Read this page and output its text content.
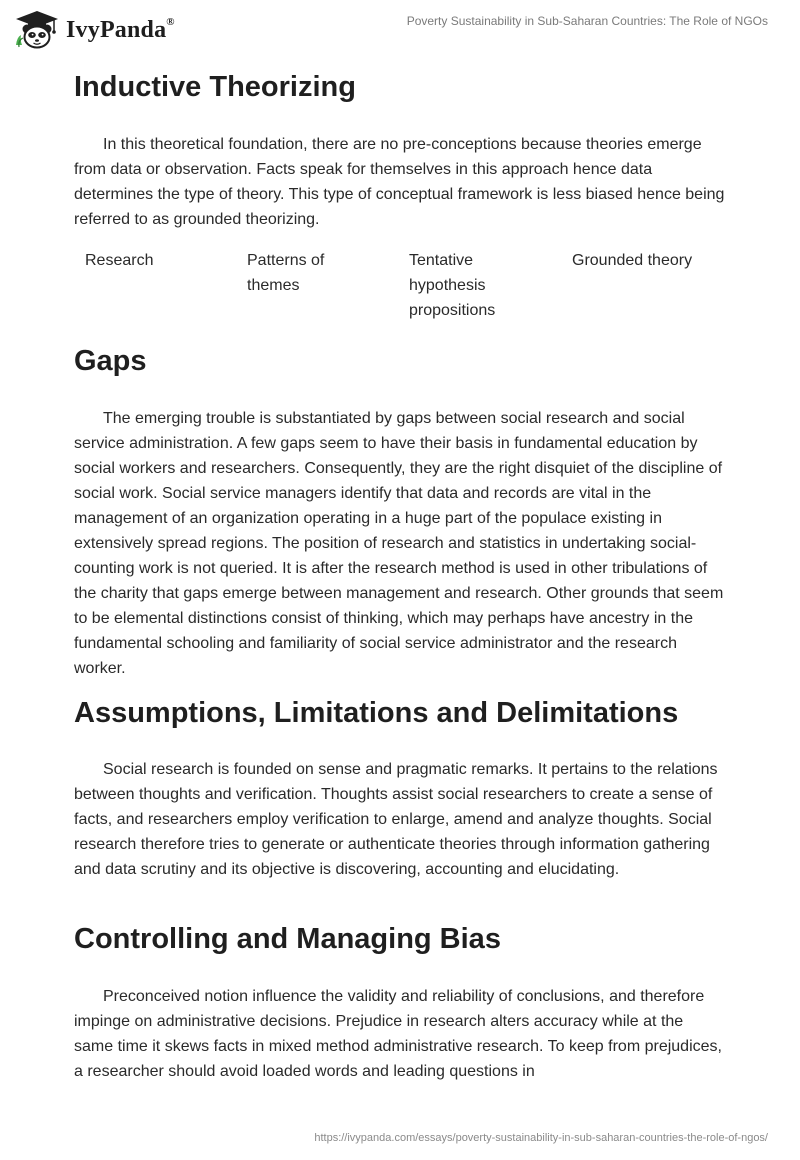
IvyPanda®	Poverty Sustainability in Sub-Saharan Countries: The Role of NGOs
Inductive Theorizing

In this theoretical foundation, there are no pre-conceptions because theories emerge from data or observation. Facts speak for themselves in this approach hence data determines the type of theory. This type of conceptual framework is less biased hence being referred to as grounded theorizing.

Research	Patterns of themes
Tentative hypothesis propositions
Grounded theory
Gaps

The emerging trouble is substantiated by gaps between social research and social service administration. A few gaps seem to have their basis in fundamental education by social workers and researchers. Consequently, they are the right disquiet of the discipline of social work. Social service managers identify that data and records are vital in the management of an organization operating in a huge part of the populace existing in extensively spread regions. The position of research and statistics in undertaking social-counting work is not queried. It is after the research method is used in other tribulations of the charity that gaps emerge between management and research. Other grounds that seem to be elemental distinctions consist of thinking, which may perhaps have ancestry in the fundamental schooling and familiarity of social service administrator and the research worker.

Assumptions, Limitations and Delimitations

Social research is founded on sense and pragmatic remarks. It pertains to the relations between thoughts and verification. Thoughts assist social researchers to create a sense of facts, and researchers employ verification to enlarge, amend and analyze thoughts. Social research therefore tries to generate or authenticate theories through information gathering and data scrutiny and its objective is discovering, accounting and elucidating.

Controlling and Managing Bias

Preconceived notion influence the validity and reliability of conclusions, and therefore impinge on administrative decisions. Prejudice in research alters accuracy while at the same time it skews facts in mixed method administrative research. To keep from prejudices, a researcher should avoid loaded words and leading questions in

https://ivypanda.com/essays/poverty-sustainability-in-sub-saharan-countries-the-role-of-ngos/
